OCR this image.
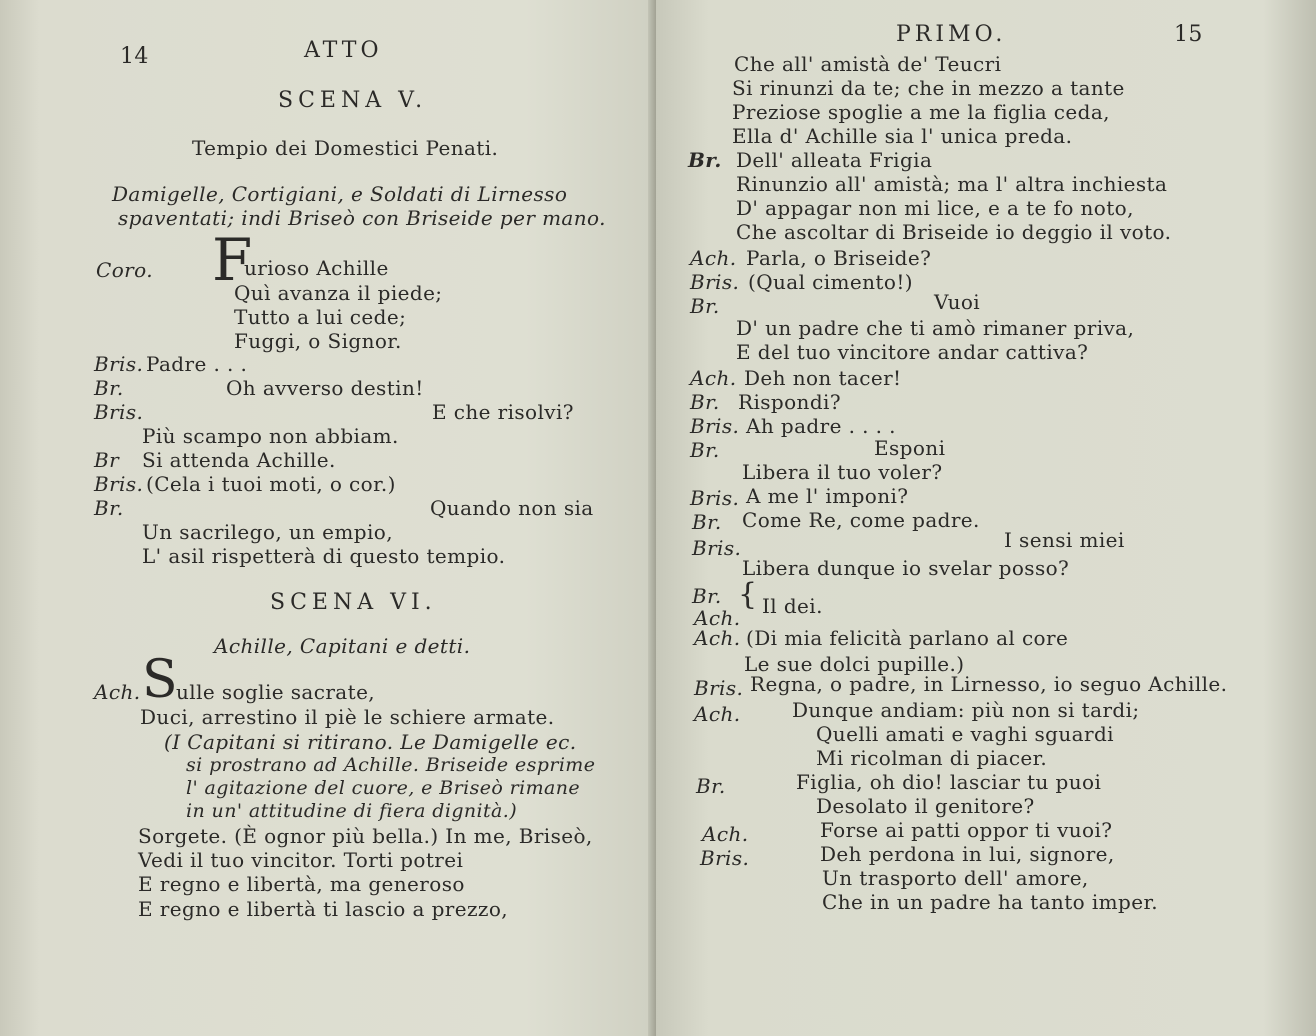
14	ATTO
SCENA V.
Tempio dei Domestici Penati.
Damigelle, Cortigiani, e Soldati di Lirnesso
spaventati; indi Briseò con Briseide per mano.
Coro. F
urioso Achille
Quì avanza il piede;
Tutto a lui cede;
Fuggi, o Signor.
Bris. Padre . . .
Br.	Oh avverso destin!
Bris.	E che risolvi?
Più scampo non abbiam.
Br Si attenda Achille.
Bris. (Cela i tuoi moti, o cor.)
Br.	Quando non sia
Un sacrilego, un empio,
L' asil rispetterà di questo tempio.
SCENA VI.
Achille, Capitani e detti.
Ach. S
ulle soglie sacrate,
Duci, arrestino il piè le schiere armate.
(I Capitani si ritirano. Le Damigelle ec.
si prostrano ad Achille. Briseide esprime
l' agitazione del cuore, e Briseò rimane
in un' attitudine di fiera dignità.)
Sorgete. (È ognor più bella.) In me, Briseò,
Vedi il tuo vincitor. Torti potrei
E regno e libertà, ma generoso
E regno e libertà ti lascio a prezzo,
PRIMO.	15
Che all' amistà de' Teucri
Si rinunzi da te; che in mezzo a tante
Preziose spoglie a me la figlia ceda,
Ella d' Achille sia l' unica preda.
Br. Dell' alleata Frigia
Rinunzio all' amistà; ma l' altra inchiesta
D' appagar non mi lice, e a te fo noto,
Che ascoltar di Briseide io deggio il voto.
Ach. Parla, o Briseide?
Bris. (Qual cimento!)
Br.	Vuoi
D' un padre che ti amò rimaner priva,
E del tuo vincitore andar cattiva?
Ach. Deh non tacer!
Br. Rispondi?
Bris. Ah padre . . . .
Br.	Esponi
Libera il tuo voler?
Bris. A me l' imponi?
Br. Come Re, come padre.
Bris.	I sensi miei
Libera dunque io svelar posso?
Br. { Il dei.
Ach.
Ach. (Di mia felicità parlano al core
Le sue dolci pupille.)
Bris. Regna, o padre, in Lirnesso, io seguo Achille.
Ach.	Dunque andiam: più non si tardi;
Quelli amati e vaghi sguardi
Mi ricolman di piacer.
Br.	Figlia, oh dio! lasciar tu puoi
Desolato il genitore?
Ach.	Forse ai patti oppor ti vuoi?
Bris.	Deh perdona in lui, signore,
Un trasporto dell' amore,
Che in un padre ha tanto imper.
